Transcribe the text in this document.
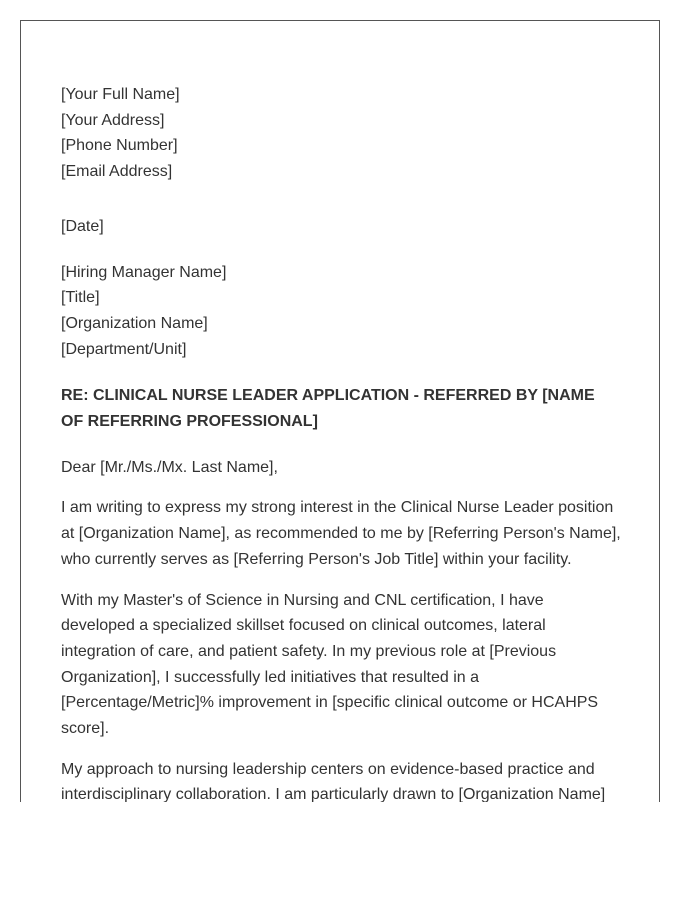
[Your Full Name]
[Your Address]
[Phone Number]
[Email Address]
[Date]
[Hiring Manager Name]
[Title]
[Organization Name]
[Department/Unit]
RE: CLINICAL NURSE LEADER APPLICATION - REFERRED BY [NAME
OF REFERRING PROFESSIONAL]
Dear [Mr./Ms./Mx. Last Name],
I am writing to express my strong interest in the Clinical Nurse Leader position
at [Organization Name], as recommended to me by [Referring Person's Name],
who currently serves as [Referring Person's Job Title] within your facility.
With my Master's of Science in Nursing and CNL certification, I have
developed a specialized skillset focused on clinical outcomes, lateral
integration of care, and patient safety. In my previous role at [Previous
Organization], I successfully led initiatives that resulted in a
[Percentage/Metric]% improvement in [specific clinical outcome or HCAHPS
score].
My approach to nursing leadership centers on evidence-based practice and
interdisciplinary collaboration. I am particularly drawn to [Organization Name]
